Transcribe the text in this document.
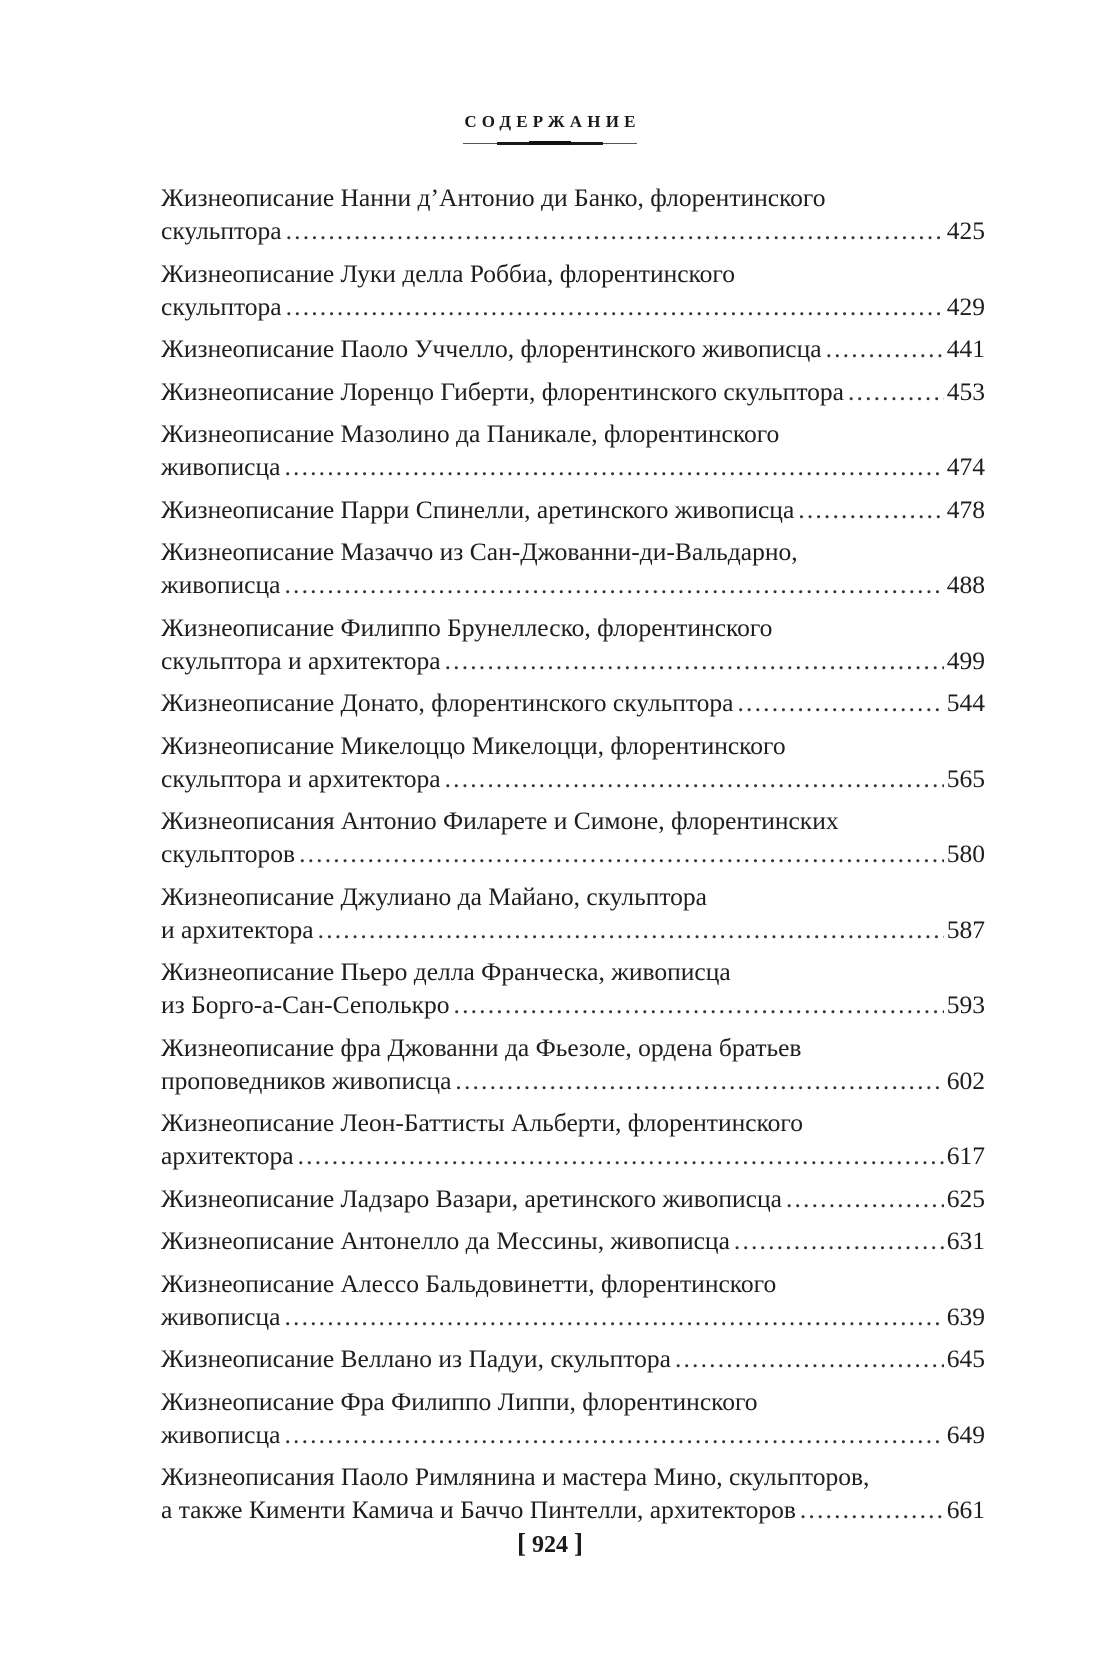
СОДЕРЖАНИЕ
Жизнеописание Нанни д’Антонио ди Банко, флорентинского
скульптора . . .	425
Жизнеописание Луки делла Роббиа, флорентинского
скульптора . . .	429
Жизнеописание Паоло Уччелло, флорентинского живописца . . .	441
Жизнеописание Лоренцо Гиберти, флорентинского скульптора . . .	453
Жизнеописание Мазолино да Паникале, флорентинского
живописца . . .	474
Жизнеописание Парри Спинелли, аретинского живописца . . .	478
Жизнеописание Мазаччо из Сан-Джованни-ди-Вальдарно,
живописца . . .	488
Жизнеописание Филиппо Брунеллеско, флорентинского
скульптора и архитектора . . .	499
Жизнеописание Донато, флорентинского скульптора . . .	544
Жизнеописание Микелоццо Микелоцци, флорентинского
скульптора и архитектора . . .	565
Жизнеописания Антонио Филарете и Симоне, флорентинских
скульпторов . . .	580
Жизнеописание Джулиано да Майано, скульптора
и архитектора . . .	587
Жизнеописание Пьеро делла Франческа, живописца
из Борго-а-Сан-Сеполькро . . .	593
Жизнеописание фра Джованни да Фьезоле, ордена братьев
проповедников живописца . . .	602
Жизнеописание Леон-Баттисты Альберти, флорентинского
архитектора . . .	617
Жизнеописание Ладзаро Вазари, аретинского живописца . . .	625
Жизнеописание Антонелло да Мессины, живописца . . .	631
Жизнеописание Алессо Бальдовинетти, флорентинского
живописца . . .	639
Жизнеописание Веллано из Падуи, скульптора . . .	645
Жизнеописание Фра Филиппо Липпи, флорентинского
живописца . . .	649
Жизнеописания Паоло Римлянина и мастера Мино, скульпторов,
а также Кименти Камича и Баччо Пинтелли, архитекторов . . .	661
[ 924 ]
